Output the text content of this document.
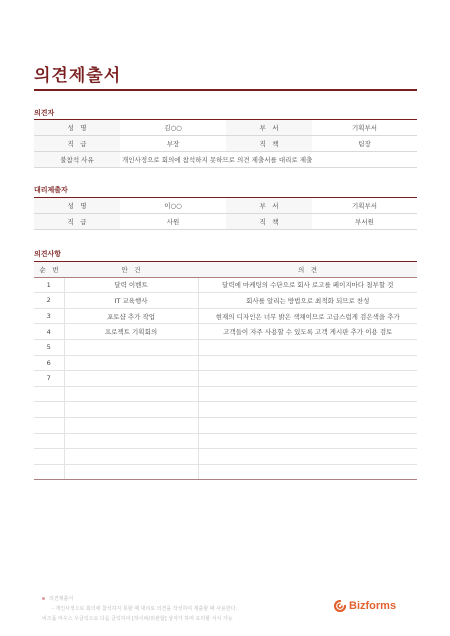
의견제출서
의견자
성　명	김○○	부　서	기획부서
직　급	부장	직　책	팀장
불참석 사유	개인사정으로 회의에 참석하지 못하므로 의견 제출서를 대리로 제출		
대리제출자
성　명	이○○	부　서	기획부서
직　급	사원	직　책	부서원
의견사항
순　번	안　건	의　견
1	달력 이벤트	달력에 마케팅의 수단으로 회사 로고를 페이지마다 첨부할 것
2	IT 교육행사	회사를 알리는 방법으로 최적화 되므로 찬성
3	포토샵 추가 작업	현재의 디자인은 너무 밝은 색채이므로 고급스럽게 검은색을 추가
4	프로젝트 기획회의	고객들이 자주 사용할 수 있도록 고객 게시판 추가 이용 검토
5		
6		
7		

의견제출서
- 개인사정으로 회의에 참석하지 못할 때 대리로 의견을 작성하여 제출할 때 사용한다.
비즈폼 마우스 우클릭으로 다음 클릭하여 [하이퍼/외관합] 상자가 하며 요리할 서식 가능
Bizforms
